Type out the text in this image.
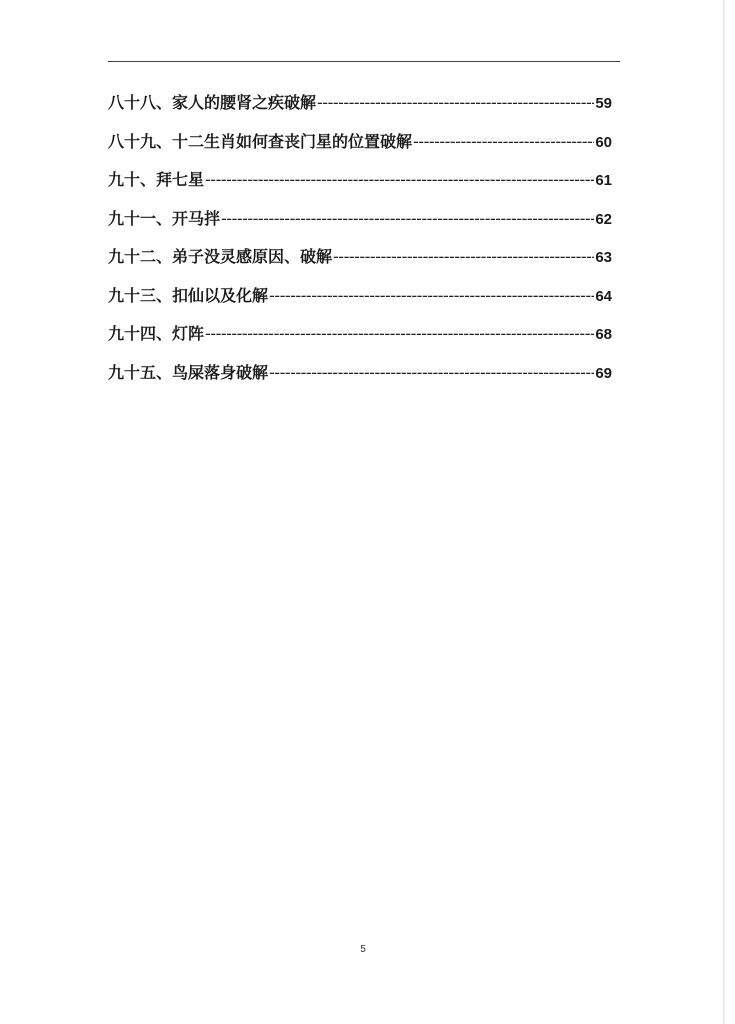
八十八、家人的腰肾之疾破解 -----	59
八十九、十二生肖如何查丧门星的位置破解 -----	60
九十、拜七星 -----	61
九十一、开马拌 -----	62
九十二、弟子没灵感原因、破解 -----	63
九十三、扣仙以及化解 -----	64
九十四、灯阵 -----	68
九十五、鸟屎落身破解 -----	69
5
